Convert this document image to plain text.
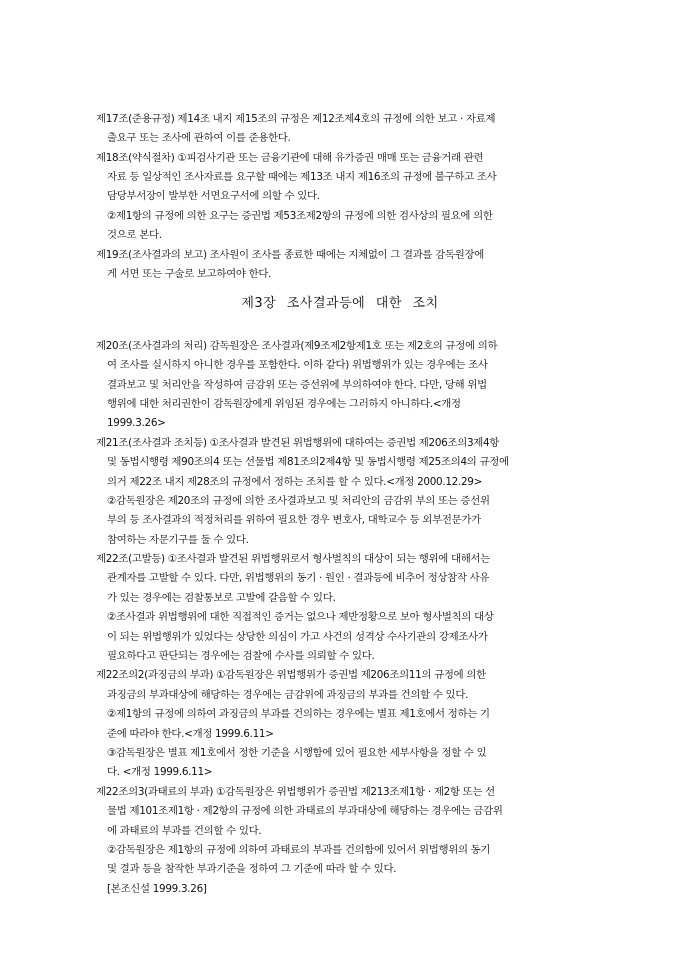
제17조(준용규정) 제14조 내지 제15조의 규정은 제12조제4호의 규정에 의한 보고 · 자료제
출요구 또는 조사에 관하여 이를 준용한다.
제18조(약식절차) ①피검사기관 또는 금융기관에 대해 유가증권 매매 또는 금융거래 관련
자료 등 일상적인 조사자료를 요구할 때에는 제13조 내지 제16조의 규정에 불구하고 조사
담당부서장이 발부한 서면요구서에 의할 수 있다.
②제1항의 규정에 의한 요구는 증권법 제53조제2항의 규정에 의한 검사상의 필요에 의한
것으로 본다.
제19조(조사결과의 보고) 조사원이 조사를 종료한 때에는 지체없이 그 결과를 감독원장에
게 서면 또는 구술로 보고하여야 한다.
제3장 조사결과등에 대한 조치
제20조(조사결과의 처리) 감독원장은 조사결과(제9조제2항제1호 또는 제2호의 규정에 의하
여 조사를 실시하지 아니한 경우를 포함한다. 이하 같다) 위법행위가 있는 경우에는 조사
결과보고 및 처리안을 작성하여 금감위 또는 증선위에 부의하여야 한다. 다만, 당해 위법
행위에 대한 처리권한이 감독원장에게 위임된 경우에는 그러하지 아니하다.<개정
1999.3.26>
제21조(조사결과 조치등) ①조사결과 발견된 위법행위에 대하여는 증권법 제206조의3제4항
및 동법시행령 제90조의4 또는 선물법 제81조의2제4항 및 동법시행령 제25조의4의 규정에
의거 제22조 내지 제28조의 규정에서 정하는 조치를 할 수 있다.<개정 2000.12.29>
②감독원장은 제20조의 규정에 의한 조사결과보고 및 처리안의 금감위 부의 또는 증선위
부의 등 조사결과의 적정처리를 위하여 필요한 경우 변호사, 대학교수 등 외부전문가가
참여하는 자문기구를 둘 수 있다.
제22조(고발등) ①조사결과 발견된 위법행위로서 형사벌칙의 대상이 되는 행위에 대해서는
관계자를 고발할 수 있다. 다만, 위법행위의 동기 · 원인 · 결과등에 비추어 정상참작 사유
가 있는 경우에는 검찰통보로 고발에 갈음할 수 있다.
②조사결과 위법행위에 대한 직접적인 증거는 없으나 제반정황으로 보아 형사벌칙의 대상
이 되는 위법행위가 있었다는 상당한 의심이 가고 사건의 성격상 수사기관의 강제조사가
필요하다고 판단되는 경우에는 검찰에 수사를 의뢰할 수 있다.
제22조의2(과징금의 부과) ①감독원장은 위법행위가 증권법 제206조의11의 규정에 의한
과징금의 부과대상에 해당하는 경우에는 금감위에 과징금의 부과를 건의할 수 있다.
②제1항의 규정에 의하여 과징금의 부과를 건의하는 경우에는 별표 제1호에서 정하는 기
준에 따라야 한다.<개정 1999.6.11>
③감독원장은 별표 제1호에서 정한 기준을 시행함에 있어 필요한 세부사항을 정할 수 있
다. <개정 1999.6.11>
제22조의3(과태료의 부과) ①감독원장은 위법행위가 증권법 제213조제1항 · 제2항 또는 선
물법 제101조제1항 · 제2항의 규정에 의한 과태료의 부과대상에 해당하는 경우에는 금감위
에 과태료의 부과를 건의할 수 있다.
②감독원장은 제1항의 규정에 의하여 과태료의 부과를 건의함에 있어서 위법행위의 동기
및 결과 등을 참작한 부과기준을 정하여 그 기준에 따라 할 수 있다.
[본조신설 1999.3.26]
